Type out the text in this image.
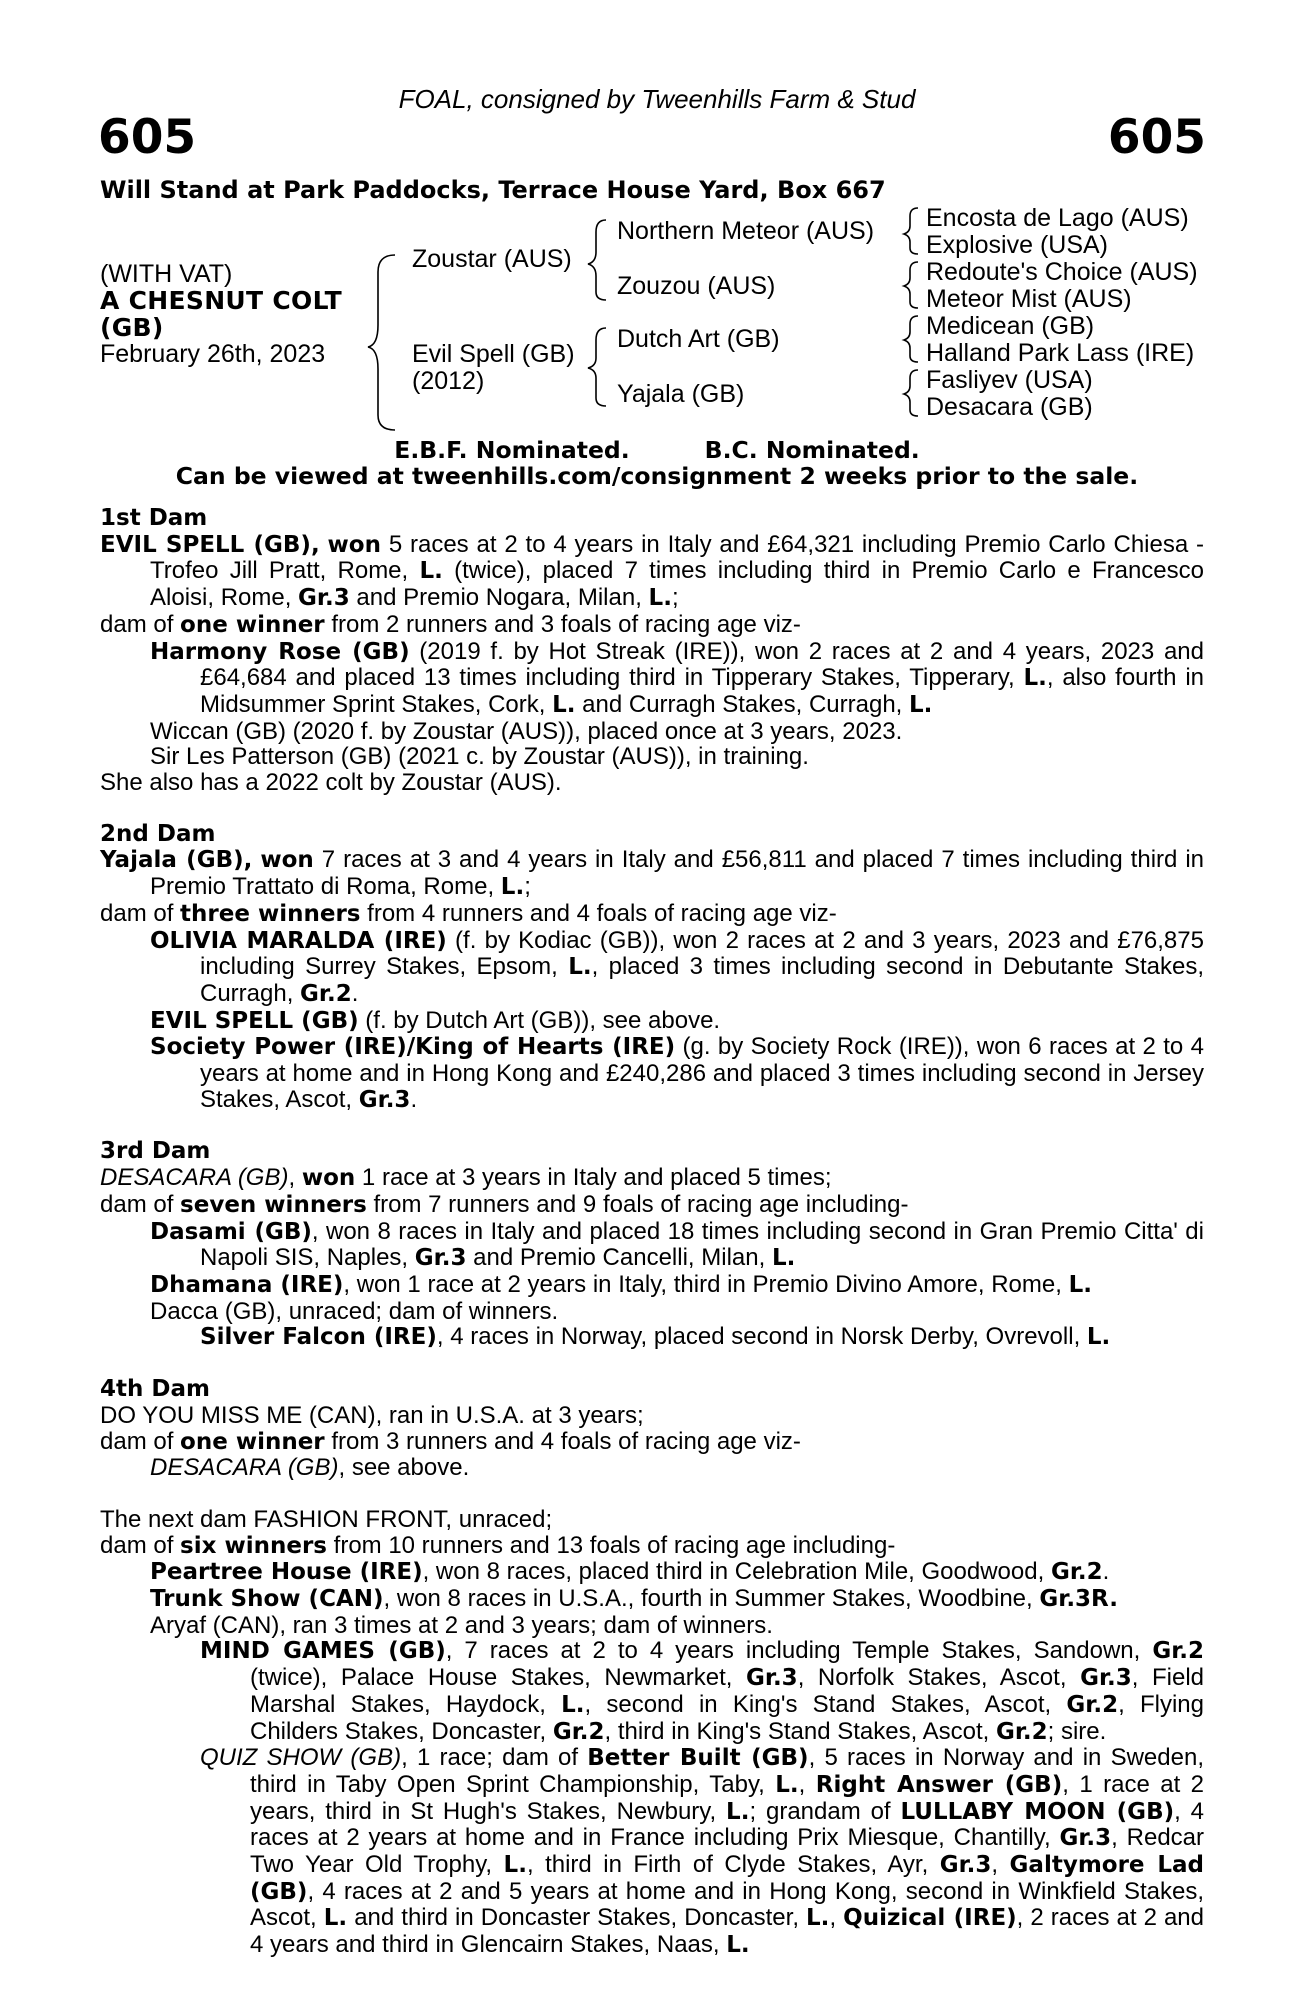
FOAL, consigned by Tweenhills Farm & Stud
605	605
Will Stand at Park Paddocks, Terrace House Yard, Box 667
(WITH VAT)
A CHESNUT COLT
(GB)
February 26th, 2023
Zoustar (AUS)
Evil Spell (GB)
(2012)
Northern Meteor (AUS)
Zouzou (AUS)
Dutch Art (GB)
Yajala (GB)
Encosta de Lago (AUS)
Explosive (USA)
Redoute's Choice (AUS)
Meteor Mist (AUS)
Medicean (GB)
Halland Park Lass (IRE)
Fasliyev (USA)
Desacara (GB)
E.B.F. Nominated.	B.C. Nominated.
Can be viewed at tweenhills.com/consignment 2 weeks prior to the sale.

1st Dam

EVIL SPELL (GB), won 5 races at 2 to 4 years in Italy and £64,321 including Premio Carlo Chiesa - Trofeo Jill Pratt, Rome, L. (twice), placed 7 times including third in Premio Carlo e Francesco Aloisi, Rome, Gr.3 and Premio Nogara, Milan, L.;

dam of one winner from 2 runners and 3 foals of racing age viz-

Harmony Rose (GB) (2019 f. by Hot Streak (IRE)), won 2 races at 2 and 4 years, 2023 and £64,684 and placed 13 times including third in Tipperary Stakes, Tipperary, L., also fourth in Midsummer Sprint Stakes, Cork, L. and Curragh Stakes, Curragh, L.

Wiccan (GB) (2020 f. by Zoustar (AUS)), placed once at 3 years, 2023.

Sir Les Patterson (GB) (2021 c. by Zoustar (AUS)), in training.

She also has a 2022 colt by Zoustar (AUS).

2nd Dam

Yajala (GB), won 7 races at 3 and 4 years in Italy and £56,811 and placed 7 times including third in Premio Trattato di Roma, Rome, L.;

dam of three winners from 4 runners and 4 foals of racing age viz-

OLIVIA MARALDA (IRE) (f. by Kodiac (GB)), won 2 races at 2 and 3 years, 2023 and £76,875 including Surrey Stakes, Epsom, L., placed 3 times including second in Debutante Stakes, Curragh, Gr.2.

EVIL SPELL (GB) (f. by Dutch Art (GB)), see above.

Society Power (IRE)/King of Hearts (IRE) (g. by Society Rock (IRE)), won 6 races at 2 to 4 years at home and in Hong Kong and £240,286 and placed 3 times including second in Jersey Stakes, Ascot, Gr.3.

3rd Dam

DESACARA (GB), won 1 race at 3 years in Italy and placed 5 times;

dam of seven winners from 7 runners and 9 foals of racing age including-

Dasami (GB), won 8 races in Italy and placed 18 times including second in Gran Premio Citta' di Napoli SIS, Naples, Gr.3 and Premio Cancelli, Milan, L.

Dhamana (IRE), won 1 race at 2 years in Italy, third in Premio Divino Amore, Rome, L.

Dacca (GB), unraced; dam of winners.

Silver Falcon (IRE), 4 races in Norway, placed second in Norsk Derby, Ovrevoll, L.

4th Dam

DO YOU MISS ME (CAN), ran in U.S.A. at 3 years;

dam of one winner from 3 runners and 4 foals of racing age viz-

DESACARA (GB), see above.

The next dam FASHION FRONT, unraced;

dam of six winners from 10 runners and 13 foals of racing age including-

Peartree House (IRE), won 8 races, placed third in Celebration Mile, Goodwood, Gr.2.

Trunk Show (CAN), won 8 races in U.S.A., fourth in Summer Stakes, Woodbine, Gr.3R.

Aryaf (CAN), ran 3 times at 2 and 3 years; dam of winners.

MIND GAMES (GB), 7 races at 2 to 4 years including Temple Stakes, Sandown, Gr.2 (twice), Palace House Stakes, Newmarket, Gr.3, Norfolk Stakes, Ascot, Gr.3, Field Marshal Stakes, Haydock, L., second in King's Stand Stakes, Ascot, Gr.2, Flying Childers Stakes, Doncaster, Gr.2, third in King's Stand Stakes, Ascot, Gr.2; sire.

QUIZ SHOW (GB), 1 race; dam of Better Built (GB), 5 races in Norway and in Sweden, third in Taby Open Sprint Championship, Taby, L., Right Answer (GB), 1 race at 2 years, third in St Hugh's Stakes, Newbury, L.; grandam of LULLABY MOON (GB), 4 races at 2 years at home and in France including Prix Miesque, Chantilly, Gr.3, Redcar Two Year Old Trophy, L., third in Firth of Clyde Stakes, Ayr, Gr.3, Galtymore Lad (GB), 4 races at 2 and 5 years at home and in Hong Kong, second in Winkfield Stakes, Ascot, L. and third in Doncaster Stakes, Doncaster, L., Quizical (IRE), 2 races at 2 and 4 years and third in Glencairn Stakes, Naas, L.
